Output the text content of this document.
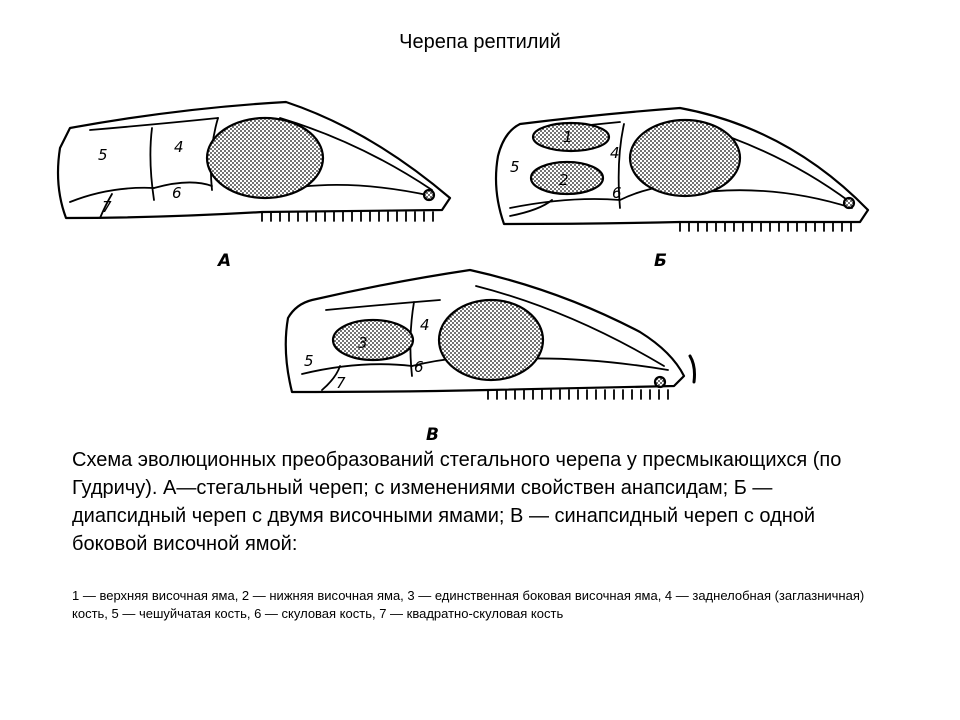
Черепа рептилий
5	4
6
7
А
1
2
5
4
6
Б
3
4
5	6
7
В

Схема эволюционных преобразований стегального черепа у пресмыкающихся (по Гудричу). А—стегальный череп; с изменениями свойствен анапсидам; Б — диапсидный череп с двумя височными ямами; В — синапсидный череп с одной боковой височной ямой:

1 — верхняя височная яма, 2 — нижняя височная яма, 3 — единственная боковая височная яма, 4 — заднелобная (заглазничная) кость, 5 — чешуйчатая кость, 6 — скуловая кость, 7 — квадратно-скуловая кость
